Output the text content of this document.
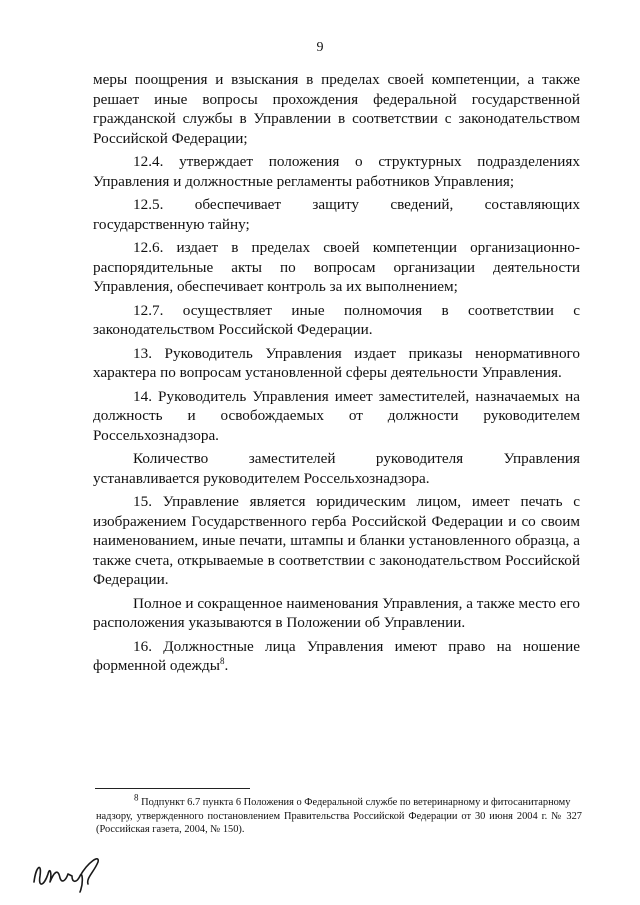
9

меры поощрения и взыскания в пределах своей компетенции, а также решает иные вопросы прохождения федеральной государственной гражданской службы в Управлении в соответствии с законодательством Российской Федерации;

12.4. утверждает положения о структурных подразделениях Управления и должностные регламенты работников Управления;

12.5. обеспечивает защиту сведений, составляющих государственную тайну;

12.6. издает в пределах своей компетенции организационно-распорядительные акты по вопросам организации деятельности Управления, обеспечивает контроль за их выполнением;

12.7. осуществляет иные полномочия в соответствии с законодательством Российской Федерации.

13. Руководитель Управления издает приказы ненормативного характера по вопросам установленной сферы деятельности Управления.

14. Руководитель Управления имеет заместителей, назначаемых на должность и освобождаемых от должности руководителем Россельхознадзора.

Количество заместителей руководителя Управления устанавливается руководителем Россельхознадзора.

15. Управление является юридическим лицом, имеет печать с изображением Государственного герба Российской Федерации и со своим наименованием, иные печати, штампы и бланки установленного образца, а также счета, открываемые в соответствии с законодательством Российской Федерации.

Полное и сокращенное наименования Управления, а также место его расположения указываются в Положении об Управлении.

16. Должностные лица Управления имеют право на ношение форменной одежды$^8$.

$^8$ Подпункт 6.7 пункта 6 Положения о Федеральной службе по ветеринарному и фитосанитарному
надзору, утвержденного постановлением Правительства Российской Федерации от 30 июня 2004 г. № 327 (Российская газета, 2004, № 150).
